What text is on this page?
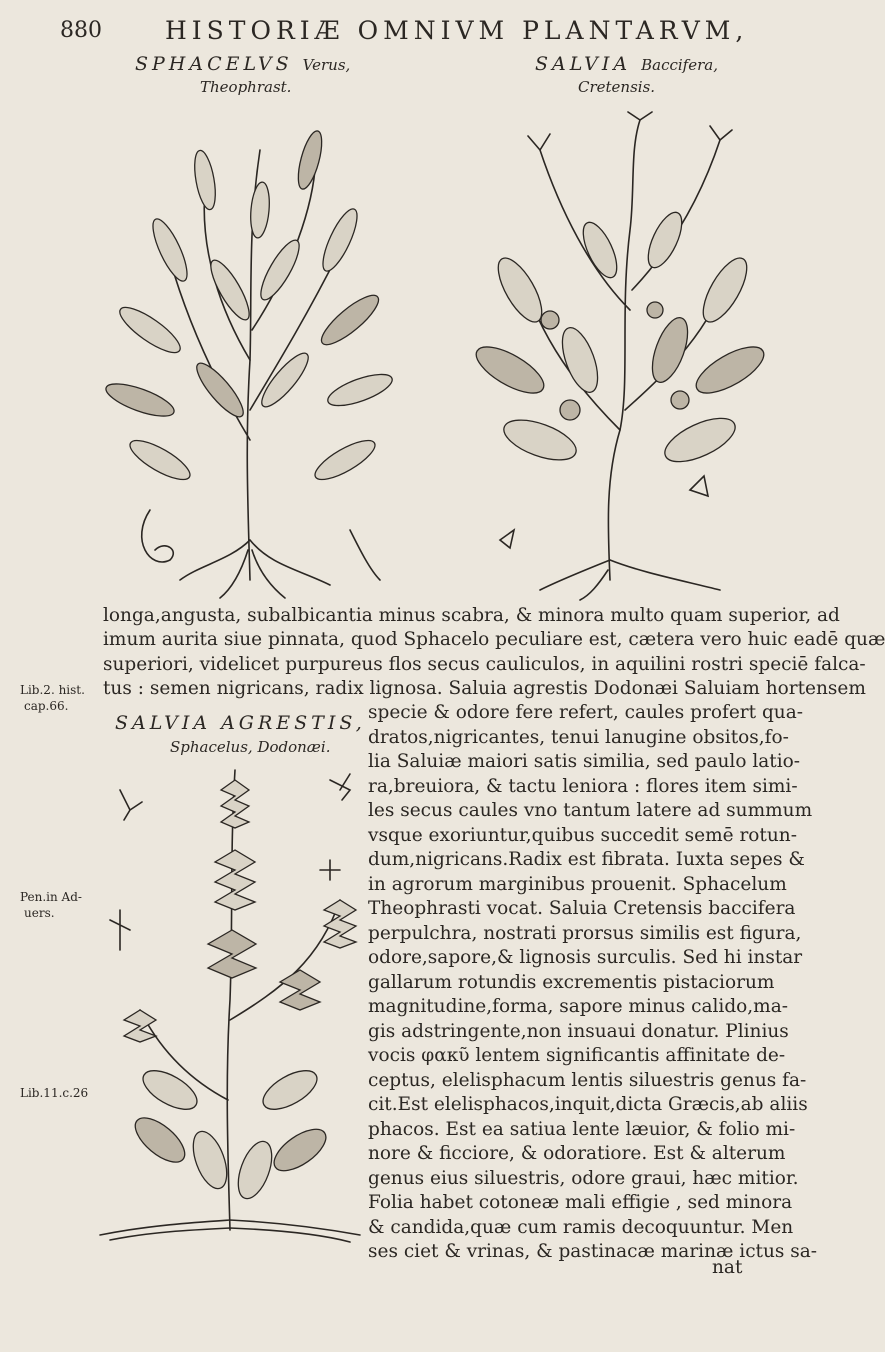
880	HISTORIÆ OMNIVM PLANTARVM,
SPHACELVS Verus,
Theophrast.
SALVIA Baccifera,
Cretensis.
SALVIA AGRESTIS,
Sphacelus, Dodonæi.
longa,angusta, subalbicantia minus scabra, & minora multo quam superior, ad
imum aurita siue pinnata, quod Sphacelo peculiare est, cætera vero huic eadē quæ
superiori, videlicet purpureus flos secus cauliculos, in aquilini rostri speciē falca-
tus : semen nigricans, radix lignosa. Saluia agrestis Dodonæi Saluiam hortensem
specie & odore fere refert, caules profert qua-
dratos,nigricantes, tenui lanugine obsitos,fo-
lia Saluiæ maiori satis similia, sed paulo latio-
ra,breuiora, & tactu leniora : flores item simi-
les secus caules vno tantum latere ad summum
vsque exoriuntur,quibus succedit semē rotun-
dum,nigricans.Radix est fibrata. Iuxta sepes &
in agrorum marginibus prouenit. Sphacelum
Theophrasti vocat. Saluia Cretensis baccifera
perpulchra, nostrati prorsus similis est figura,
odore,sapore,& lignosis surculis. Sed hi instar
gallarum rotundis excrementis pistaciorum
magnitudine,forma, sapore minus calido,ma-
gis adstringente,non insuaui donatur. Plinius
vocis φακῦ lentem significantis affinitate de-
ceptus, elelisphacum lentis siluestris genus fa-
cit.Est elelisphacos,inquit,dicta Græcis,ab aliis
phacos. Est ea satiua lente læuior, & folio mi-
nore & ficciore, & odoratiore. Est & alterum
genus eius siluestris, odore graui, hæc mitior.
Folia habet cotoneæ mali effigie , sed minora
& candida,quæ cum ramis decoquuntur. Men
ses ciet & vrinas, & pastinacæ marinæ ictus sa-
nat
Lib.2. hist.
cap.66.
Pen.in Ad-
uers.
Lib.11.c.26
